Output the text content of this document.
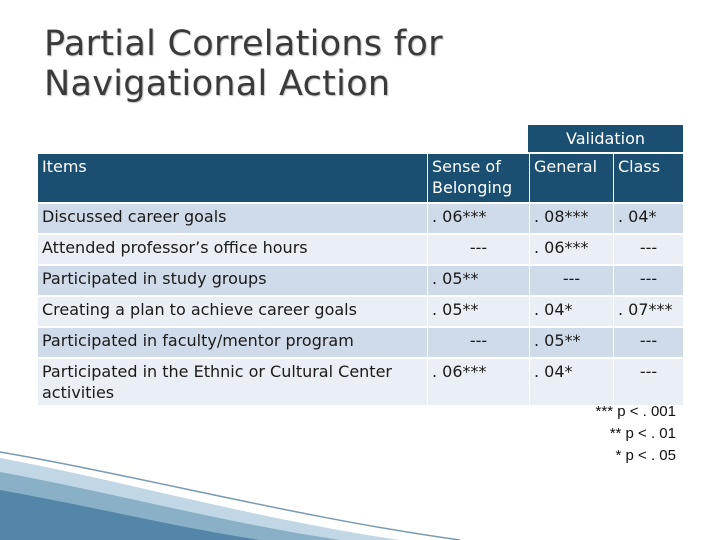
Partial Correlations for
Navigational Action
Validation
Items	Sense of Belonging	General	Class
Discussed career goals	. 06***	. 08***	. 04*
Attended professor’s office hours	---	. 06***	---
Participated in study groups	. 05**	---	---
Creating a plan to achieve career goals	. 05**	. 04*	. 07***
Participated in faculty/mentor program	---	. 05**	---
Participated in the Ethnic or Cultural Center activities	. 06***	. 04*	---
*** p < . 001
** p < . 01
* p < . 05
